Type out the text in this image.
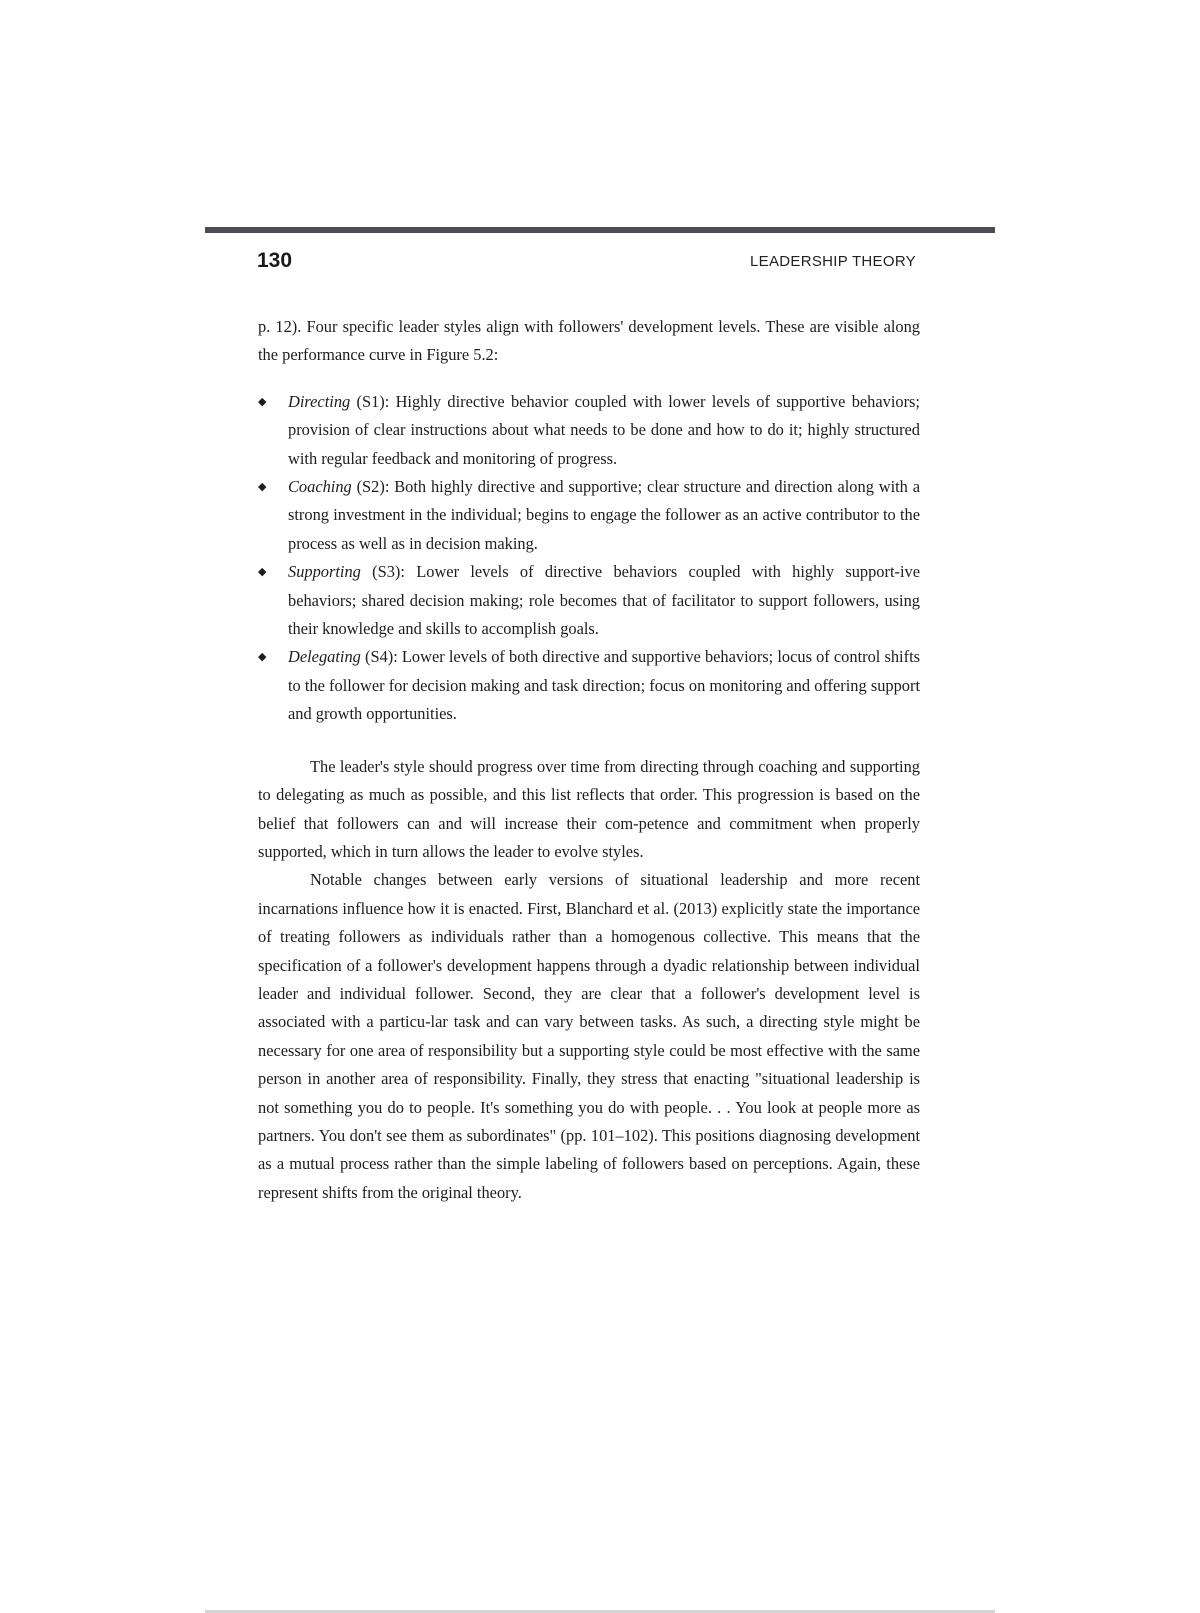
130	LEADERSHIP THEORY

p. 12). Four specific leader styles align with followers' development levels. These are visible along the performance curve in Figure 5.2:

◆ Directing (S1): Highly directive behavior coupled with lower levels of supportive behaviors; provision of clear instructions about what needs to be done and how to do it; highly structured with regular feedback and monitoring of progress.
◆ Coaching (S2): Both highly directive and supportive; clear structure and direction along with a strong investment in the individual; begins to engage the follower as an active contributor to the process as well as in decision making.
◆ Supporting (S3): Lower levels of directive behaviors coupled with highly support-ive behaviors; shared decision making; role becomes that of facilitator to support followers, using their knowledge and skills to accomplish goals.
◆ Delegating (S4): Lower levels of both directive and supportive behaviors; locus of control shifts to the follower for decision making and task direction; focus on monitoring and offering support and growth opportunities.

The leader's style should progress over time from directing through coaching and supporting to delegating as much as possible, and this list reflects that order. This progression is based on the belief that followers can and will increase their com-petence and commitment when properly supported, which in turn allows the leader to evolve styles.

Notable changes between early versions of situational leadership and more recent incarnations influence how it is enacted. First, Blanchard et al. (2013) explicitly state the importance of treating followers as individuals rather than a homogenous collective. This means that the specification of a follower's development happens through a dyadic relationship between individual leader and individual follower. Second, they are clear that a follower's development level is associated with a particu-lar task and can vary between tasks. As such, a directing style might be necessary for one area of responsibility but a supporting style could be most effective with the same person in another area of responsibility. Finally, they stress that enacting "situational leadership is not something you do to people. It's something you do with people. . . You look at people more as partners. You don't see them as subordinates" (pp. 101–102). This positions diagnosing development as a mutual process rather than the simple labeling of followers based on perceptions. Again, these represent shifts from the original theory.
